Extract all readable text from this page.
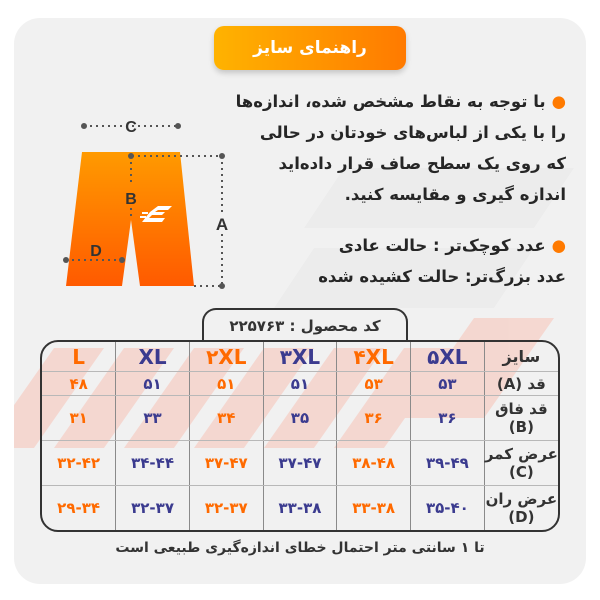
راهنمای سایز
C
B
A
D
●با توجه به نقاط مشخص شده، اندازه‌ها
را با یکی از لباس‌های خودتان در حالی
که روی یک سطح صاف قرار داده‌اید
اندازه گیری و مقایسه کنید.
●عدد کوچک‌تر : حالت عادی
عدد بزرگ‌تر: حالت کشیده شده
کد محصول : ۲۲۵۷۶۳
L	XL	۲XL	۳XL	۴XL	۵XL	سایز
۴۸	۵۱	۵۱	۵۱	۵۳	۵۳	قد (A)
۳۱	۳۳	۳۴	۳۵	۳۶	۳۶	قد فاق (B)
۳۲-۴۲	۳۴-۴۴	۳۷-۴۷	۳۷-۴۷	۳۸-۴۸	۳۹-۴۹	عرض کمر (C)
۲۹-۳۴	۳۲-۳۷	۳۲-۳۷	۳۳-۳۸	۳۳-۳۸	۳۵-۴۰	عرض ران (D)
تا ۱ سانتی متر احتمال خطای اندازه‌گیری طبیعی است
